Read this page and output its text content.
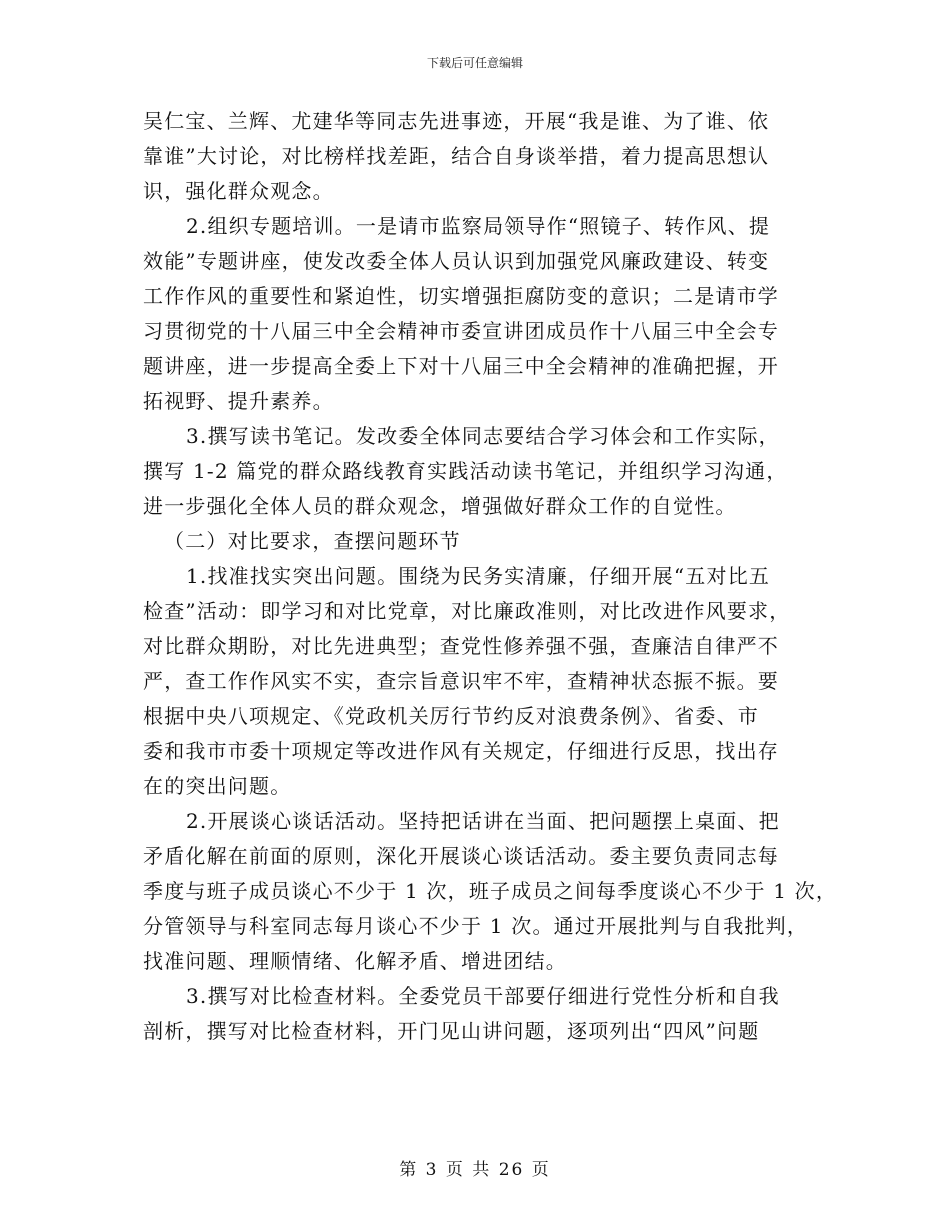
下载后可任意编辑
吴仁宝、兰辉、尤建华等同志先进事迹，开展“我是谁、为了谁、依
靠谁”大讨论，对比榜样找差距，结合自身谈举措，着力提高思想认
识，强化群众观念。
2.组织专题培训。一是请市监察局领导作“照镜子、转作风、提
效能”专题讲座，使发改委全体人员认识到加强党风廉政建设、转变
工作作风的重要性和紧迫性，切实增强拒腐防变的意识；二是请市学
习贯彻党的十八届三中全会精神市委宣讲团成员作十八届三中全会专
题讲座，进一步提高全委上下对十八届三中全会精神的准确把握，开
拓视野、提升素养。
3.撰写读书笔记。发改委全体同志要结合学习体会和工作实际，
撰写 1-2 篇党的群众路线教育实践活动读书笔记，并组织学习沟通，
进一步强化全体人员的群众观念，增强做好群众工作的自觉性。
（二）对比要求，查摆问题环节
1.找准找实突出问题。围绕为民务实清廉，仔细开展“五对比五
检查”活动：即学习和对比党章，对比廉政准则，对比改进作风要求，
对比群众期盼，对比先进典型；查党性修养强不强，查廉洁自律严不
严，查工作作风实不实，查宗旨意识牢不牢，查精神状态振不振。要
根据中央八项规定、《党政机关厉行节约反对浪费条例》、省委、市
委和我市市委十项规定等改进作风有关规定，仔细进行反思，找出存
在的突出问题。
2.开展谈心谈话活动。坚持把话讲在当面、把问题摆上桌面、把
矛盾化解在前面的原则，深化开展谈心谈话活动。委主要负责同志每
季度与班子成员谈心不少于 1 次，班子成员之间每季度谈心不少于 1 次，
分管领导与科室同志每月谈心不少于 1 次。通过开展批判与自我批判，
找准问题、理顺情绪、化解矛盾、增进团结。
3.撰写对比检查材料。全委党员干部要仔细进行党性分析和自我
剖析，撰写对比检查材料，开门见山讲问题，逐项列出“四风”问题
第 3 页 共 26 页
